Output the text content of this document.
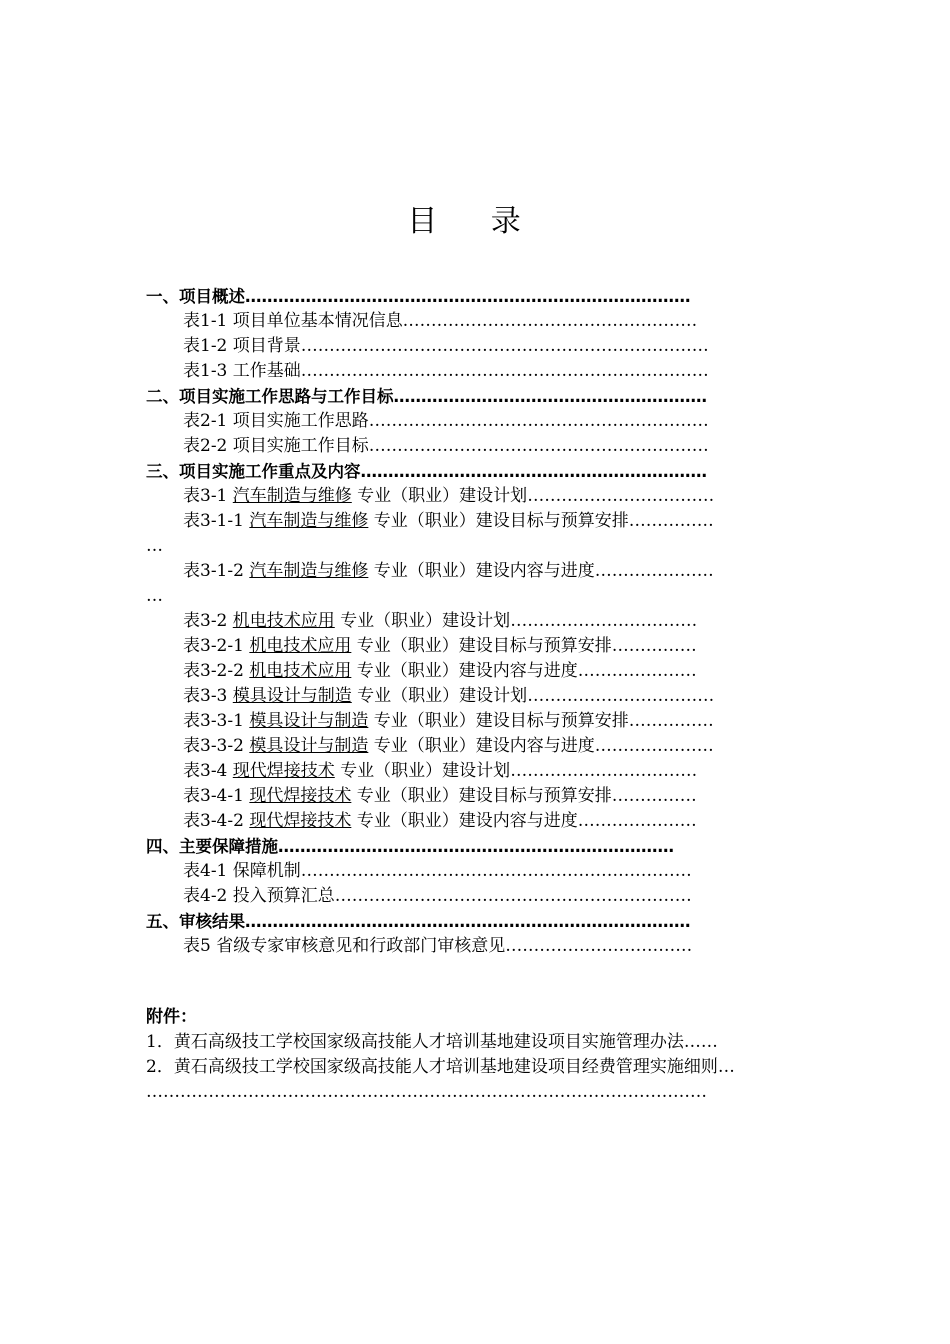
目 录
一、项目概述………………………………………………………………………
表1-1 项目单位基本情况信息.……………………………………………
表1-2 项目背景………………………………………………………………
表1-3 工作基础………………………………………………………………
二、项目实施工作思路与工作目标…………………………………………………
表2-1 项目实施工作思路……………………………………………………
表2-2 项目实施工作目标……………………………………………………
三、项目实施工作重点及内容………………………………………………………
表3-1 汽车制造与维修 专业（职业）建设计划……………………………
表3-1-1 汽车制造与维修 专业（职业）建设目标与预算安排……………
…
表3-1-2 汽车制造与维修 专业（职业）建设内容与进度…………………
…
表3-2 机电技术应用 专业（职业）建设计划……………………………
表3-2-1 机电技术应用 专业（职业）建设目标与预算安排……………
表3-2-2 机电技术应用 专业（职业）建设内容与进度…………………
表3-3 模具设计与制造 专业（职业）建设计划……………………………
表3-3-1 模具设计与制造 专业（职业）建设目标与预算安排……………
表3-3-2 模具设计与制造 专业（职业）建设内容与进度…………………
表3-4 现代焊接技术 专业（职业）建设计划……………………………
表3-4-1 现代焊接技术 专业（职业）建设目标与预算安排……………
表3-4-2 现代焊接技术 专业（职业）建设内容与进度…………………
四、主要保障措施………………………………………………………………
表4-1 保障机制……………………………………………………………
表4-2 投入预算汇总………………………………………………………
五、审核结果………………………………………………………………………
表5 省级专家审核意见和行政部门审核意见……………………………
附件：
1．黄石高级技工学校国家级高技能人才培训基地建设项目实施管理办法……
2．黄石高级技工学校国家级高技能人才培训基地建设项目经费管理实施细则…
………………………………………………………………………………………
